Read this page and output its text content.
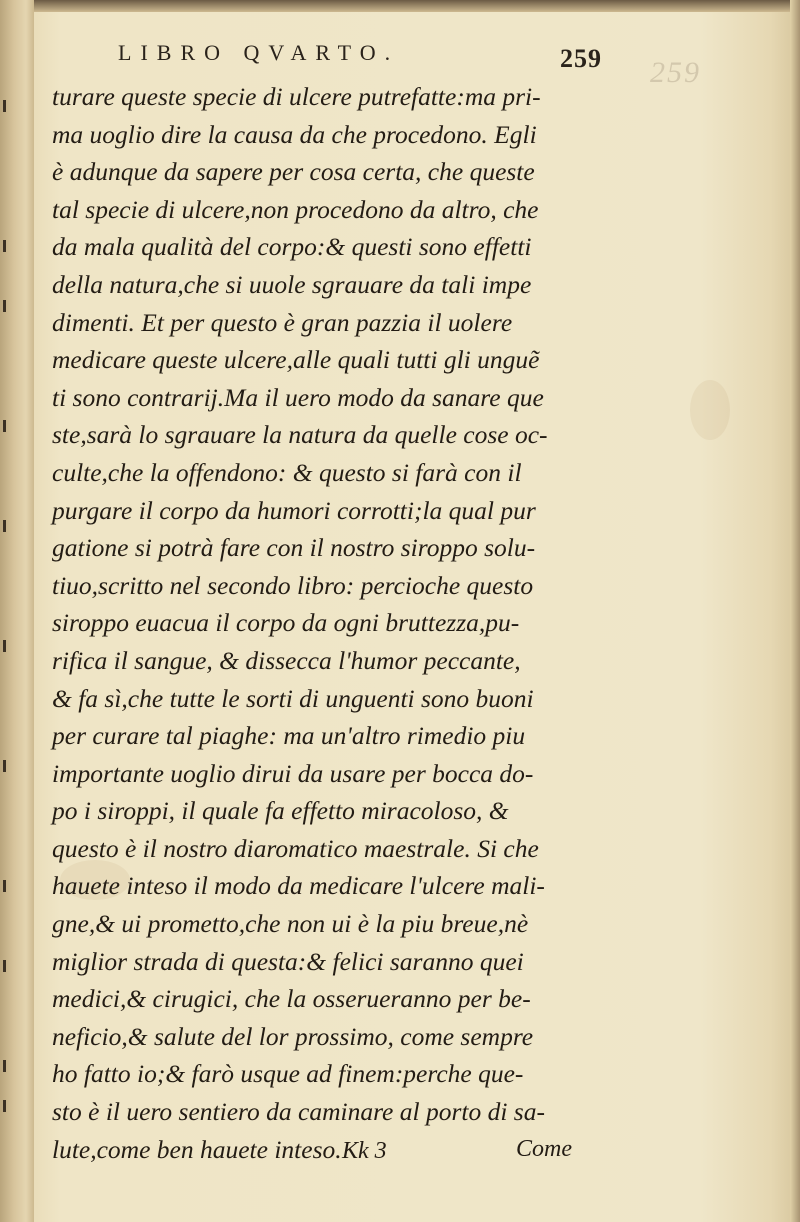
LIBRO QVARTO.	259 259
turare queste specie di ulcere putrefatte:ma pri-
ma uoglio dire la causa da che procedono. Egli
è adunque da sapere per cosa certa, che queste
tal specie di ulcere,non procedono da altro, che
da mala qualità del corpo:& questi sono effetti
della natura,che si uuole sgrauare da tali impe
dimenti. Et per questo è gran pazzia il uolere
medicare queste ulcere,alle quali tutti gli unguẽ
ti sono contrarij.Ma il uero modo da sanare que
ste,sarà lo sgrauare la natura da quelle cose oc-
culte,che la offendono: & questo si farà con il
purgare il corpo da humori corrotti;la qual pur
gatione si potrà fare con il nostro siroppo solu-
tiuo,scritto nel secondo libro: percioche questo
siroppo euacua il corpo da ogni bruttezza,pu-
rifica il sangue, & dissecca l'humor peccante,
& fa sì,che tutte le sorti di unguenti sono buoni
per curare tal piaghe: ma un'altro rimedio piu
importante uoglio dirui da usare per bocca do-
po i siroppi, il quale fa effetto miracoloso, &
questo è il nostro diaromatico maestrale. Si che
hauete inteso il modo da medicare l'ulcere mali-
gne,& ui prometto,che non ui è la piu breue,nè
miglior strada di questa:& felici saranno quei
medici,& cirugici, che la osserueranno per be-
neficio,& salute del lor prossimo, come sempre
ho fatto io;& farò usque ad finem:perche que-
sto è il uero sentiero da caminare al porto di sa-
lute,come ben hauete inteso. Kk 3	Come
